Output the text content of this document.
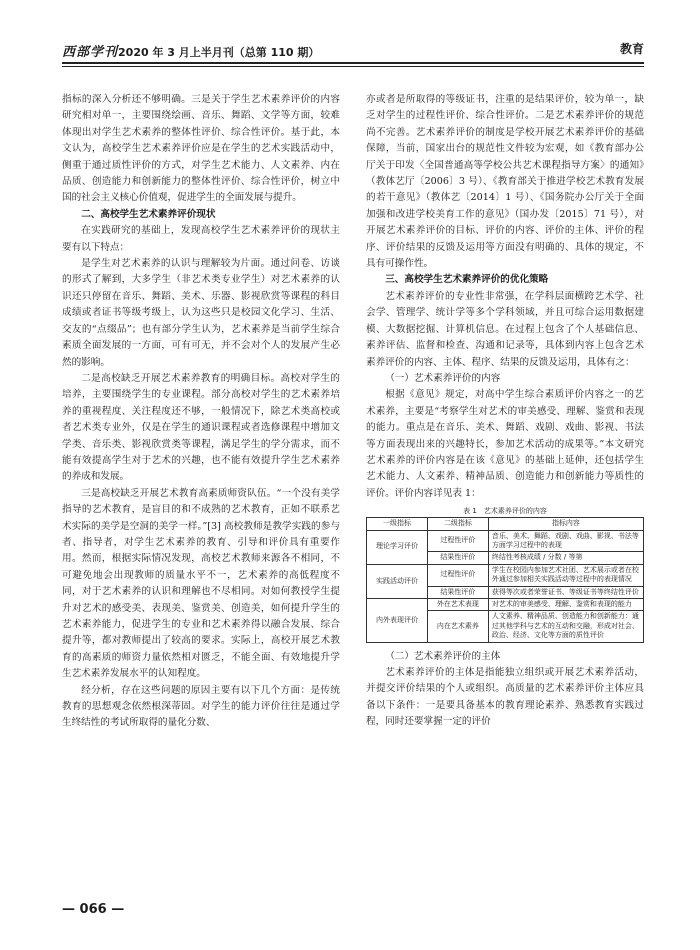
西部学刊2020 年 3 月上半月刊（总第 110 期）	教育

指标的深入分析还不够明确。三是关于学生艺术素养评价的内容研究相对单一，主要围绕绘画、音乐、舞蹈、文学等方面，较难体现出对学生艺术素养的整体性评价、综合性评价。基于此，本文认为，高校学生艺术素养评价应是在学生的艺术实践活动中，侧重于通过质性评价的方式，对学生艺术能力、人文素养、内在品质、创造能力和创新能力的整体性评价、综合性评价，树立中国的社会主义核心价值观，促进学生的全面发展与提升。

二、高校学生艺术素养评价现状

在实践研究的基础上，发现高校学生艺术素养评价的现状主要有以下特点：

是学生对艺术素养的认识与理解较为片面。通过问卷、访谈的形式了解到，大多学生（非艺术类专业学生）对艺术素养的认识还只停留在音乐、舞蹈、美术、乐器、影视欣赏等课程的科目成绩或者证书等级考级上，认为这些只是校园文化学习、生活、交友的“点缀品”；也有部分学生认为，艺术素养是当前学生综合素质全面发展的一方面，可有可无，并不会对个人的发展产生必然的影响。

二是高校缺乏开展艺术素养教育的明确目标。高校对学生的培养，主要围绕学生的专业课程。部分高校对学生的艺术素养培养的重视程度、关注程度还不够，一般情况下，除艺术类高校或者艺术类专业外，仅是在学生的通识课程或者选修课程中增加文学类、音乐类、影视欣赏类等课程，满足学生的学分需求，而不能有效提高学生对于艺术的兴趣，也不能有效提升学生艺术素养的养成和发展。

三是高校缺乏开展艺术教育高素质师资队伍。“一个没有美学指导的艺术教育，是盲目的和不成熟的艺术教育，正如不联系艺术实际的美学是空洞的美学一样。”[3] 高校教师是教学实践的参与者、指导者，对学生艺术素养的教育、引导和评价具有重要作用。然而，根据实际情况发现，高校艺术教师来源各不相同，不可避免地会出现教师的质量水平不一，艺术素养的高低程度不同，对于艺术素养的认识和理解也不尽相同。对如何教授学生提升对艺术的感受美、表现美、鉴赏美、创造美，如何提升学生的艺术素养能力，促进学生的专业和艺术素养得以融合发展、综合提升等，都对教师提出了较高的要求。实际上，高校开展艺术教育的高素质的师资力量依然相对匮乏，不能全面、有效地提升学生艺术素养发展水平的认知程度。

经分析，存在这些问题的原因主要有以下几个方面：是传统教育的思想观念依然根深蒂固。对学生的能力评价往往是通过学生终结性的考试所取得的量化分数、

亦或者是所取得的等级证书，注重的是结果评价，较为单一，缺乏对学生的过程性评价、综合性评价。二是艺术素养评价的规范尚不完善。艺术素养评价的制度是学校开展艺术素养评价的基础保障，当前，国家出台的规范性文件较为宏观，如《教育部办公厅关于印发〈全国普通高等学校公共艺术课程指导方案〉的通知》（教体艺厅〔2006〕3 号）、《教育部关于推进学校艺术教育发展的若干意见》（教体艺〔2014〕1 号）、《国务院办公厅关于全面加强和改进学校美育工作的意见》（国办发〔2015〕71 号），对开展艺术素养评价的目标、评价的内容、评价的主体、评价的程序、评价结果的反馈及运用等方面没有明确的、具体的规定，不具有可操作性。

三、高校学生艺术素养评价的优化策略

艺术素养评价的专业性非常强，在学科层面横跨艺术学、社会学、管理学、统计学等多个学科领域，并且可综合运用数据建模、大数据挖掘、计算机信息。在过程上包含了个人基础信息、素养评估、监督和检查、沟通和记录等，具体到内容上包含艺术素养评价的内容、主体、程序、结果的反馈及运用，具体有之：

（一）艺术素养评价的内容

根据《意见》规定，对高中学生综合素质评价内容之一的艺术素养，主要是“考察学生对艺术的审美感受、理解、鉴赏和表现的能力。重点是在音乐、美术、舞蹈、戏剧、戏曲、影视、书法等方面表现出来的兴趣特长，参加艺术活动的成果等。”本文研究艺术素养的评价内容是在该《意见》的基础上延伸，还包括学生艺术能力、人文素养、精神品质、创造能力和创新能力等质性的评价。评价内容详见表 1：

表 1　艺术素养评价的内容
一级指标	二级指标	指标内容
理论学习评价	过程性评价	音乐、美术、舞蹈、戏剧、戏曲、影视、书法等方面学习过程中的表现
	结果性评价	终结性考核成绩 / 分数 / 等第
实践活动评价	过程性评价	学生在校园内参加艺术社团、艺术展示或者在校外通过参加相关实践活动等过程中的表现情况
	结果性评价	获得等次或者荣誉证书、等级证书等终结性评价
内外表现评价	外在艺术表现	对艺术的审美感受、理解、鉴赏和表现的能力
	内在艺术素养	人文素养、精神品质、创造能力和创新能力：通过其他学科与艺术的互动和交融，形成对社会、政治、经济、文化等方面的质性评价

（二）艺术素养评价的主体

艺术素养评价的主体是指能独立组织或开展艺术素养活动，并提交评价结果的个人或组织。高质量的艺术素养评价主体应具备以下条件：一是要具备基本的教育理论素养、熟悉教育实践过程，同时还要掌握一定的评价

— 066 —
